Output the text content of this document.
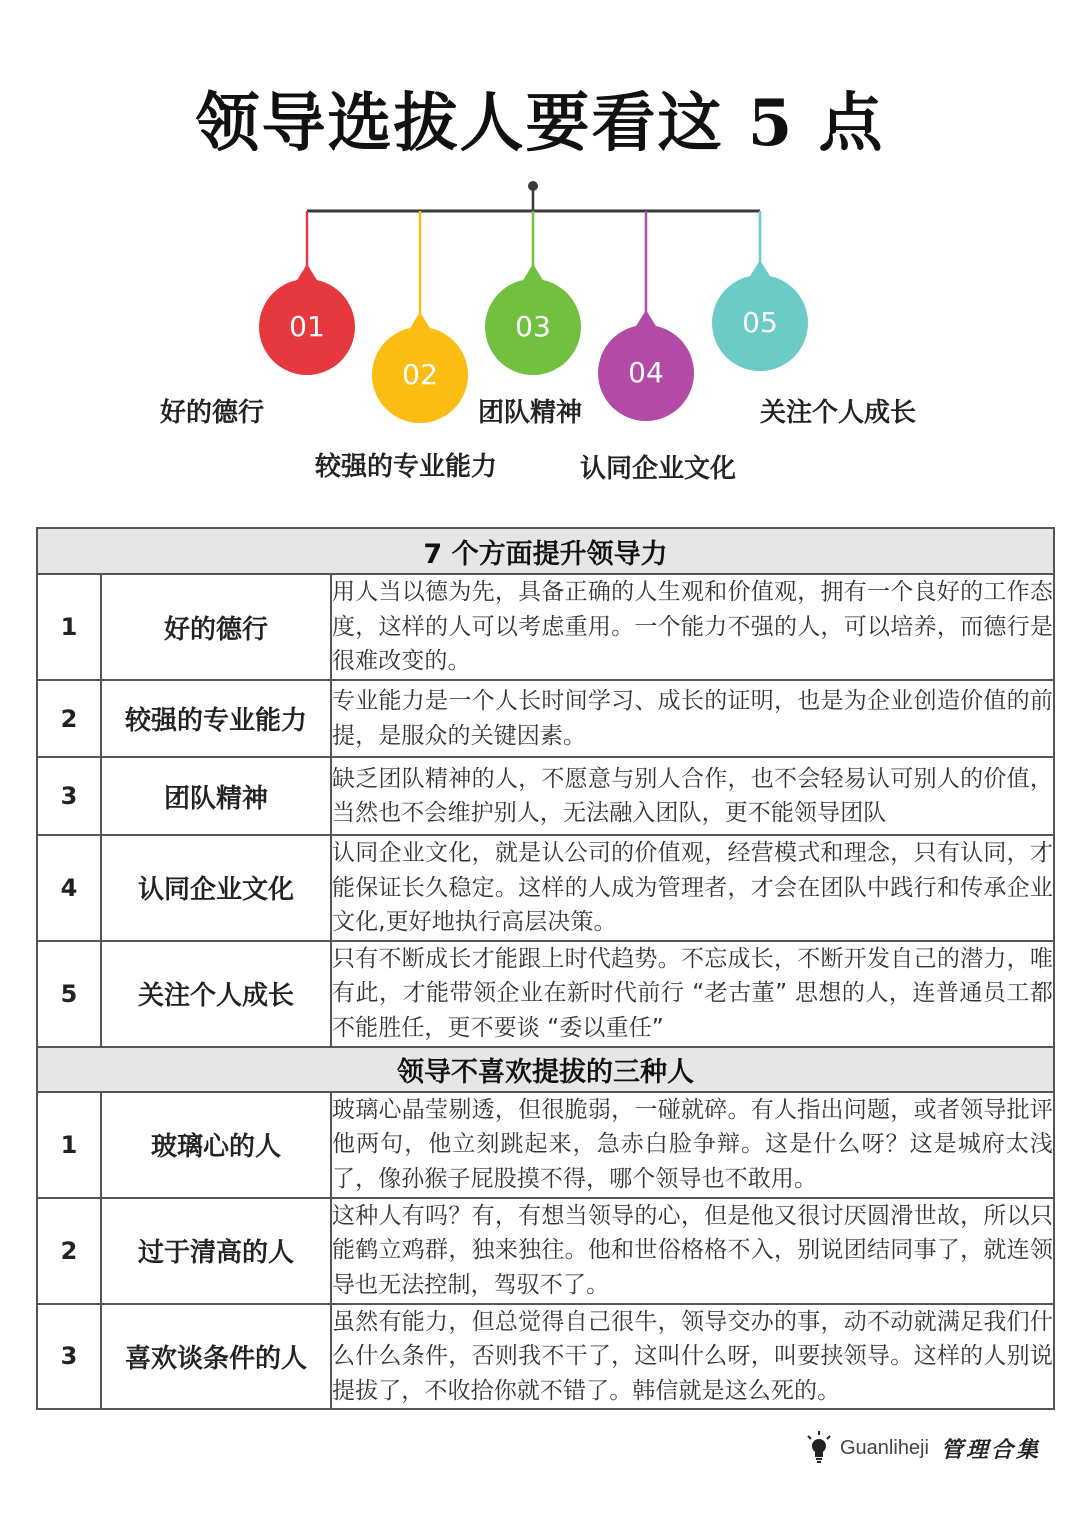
领导选拔人要看这 5 点
01
02
03
04
05
好的德行
较强的专业能力
团队精神
认同企业文化
关注个人成长
7 个方面提升领导力		
1	好的德行	用人当以德为先，具备正确的人生观和价值观，拥有一个良好的工作态度，这样的人可以考虑重用。一个能力不强的人，可以培养，而德行是很难改变的。
2	较强的专业能力	专业能力是一个人长时间学习、成长的证明，也是为企业创造价值的前提，是服众的关键因素。
3	团队精神	缺乏团队精神的人，不愿意与别人合作，也不会轻易认可别人的价值，当然也不会维护别人，无法融入团队，更不能领导团队
4	认同企业文化	认同企业文化，就是认公司的价值观，经营模式和理念，只有认同，才能保证长久稳定。这样的人成为管理者，才会在团队中践行和传承企业文化,更好地执行高层决策。
5	关注个人成长	只有不断成长才能跟上时代趋势。不忘成长，不断开发自己的潜力，唯有此，才能带领企业在新时代前行 “老古董” 思想的人，连普通员工都不能胜任，更不要谈 “委以重任”
领导不喜欢提拔的三种人		
1	玻璃心的人	玻璃心晶莹剔透，但很脆弱，一碰就碎。有人指出问题，或者领导批评他两句，他立刻跳起来，急赤白脸争辩。这是什么呀？这是城府太浅了，像孙猴子屁股摸不得，哪个领导也不敢用。
2	过于清高的人	这种人有吗？有，有想当领导的心，但是他又很讨厌圆滑世故，所以只能鹤立鸡群，独来独往。他和世俗格格不入，别说团结同事了，就连领导也无法控制，驾驭不了。
3	喜欢谈条件的人	虽然有能力，但总觉得自己很牛，领导交办的事，动不动就满足我们什么什么条件，否则我不干了，这叫什么呀，叫要挟领导。这样的人别说提拔了，不收拾你就不错了。韩信就是这么死的。
Guanliheji 管理合集
